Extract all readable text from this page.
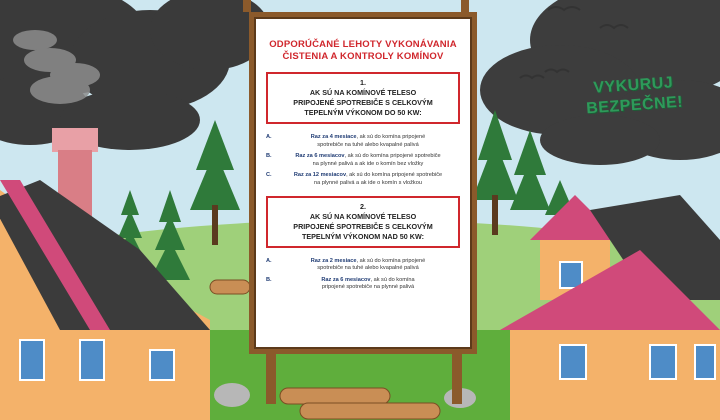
ODPORÚČANÉ LEHOTY VYKONÁVANIA
ČISTENIA A KONTROLY KOMÍNOV
1.
AK SÚ NA KOMÍNOVÉ TELESO
PRIPOJENÉ SPOTREBIČE S CELKOVÝM
TEPELNÝM VÝKONOM DO 50 KW:
A.	Raz za 4 mesiace, ak sú do komína pripojené
spotrebiče na tuhé alebo kvapalné palivá
B.	Raz za 6 mesiacov, ak sú do komína pripojené spotrebiče
na plynné palivá a ak ide o komín bez vložky
C.	Raz za 12 mesiacov, ak sú do komína pripojené spotrebiče
na plynné palivá a ak ide o komín s vložkou
2.
AK SÚ NA KOMÍNOVÉ TELESO
PRIPOJENÉ SPOTREBIČE S CELKOVÝM
TEPELNÝM VÝKONOM NAD 50 KW:
A.	Raz za 2 mesiace, ak sú do komína pripojené
spotrebiče na tuhé alebo kvapalné palivá
B.	Raz za 6 mesiacov, ak sú do komína
pripojené spotrebiče na plynné palivá
VYKURUJ
BEZPEČNE!
